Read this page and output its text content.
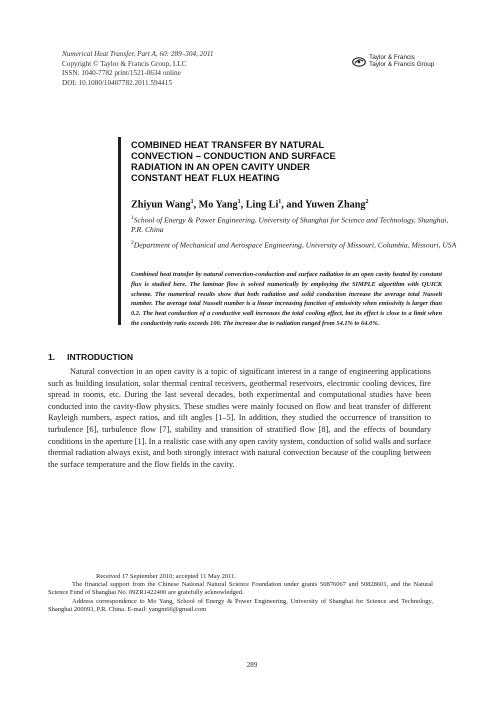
Numerical Heat Transfer, Part A, 60: 289–304, 2011
Copyright © Taylor & Francis Group, LLC
ISSN: 1040-7782 print/1521-0634 online
DOI: 10.1080/10407782.2011.594415
Taylor & Francis
Taylor & Francis Group
COMBINED HEAT TRANSFER BY NATURAL
CONVECTION – CONDUCTION AND SURFACE
RADIATION IN AN OPEN CAVITY UNDER
CONSTANT HEAT FLUX HEATING
Zhiyun Wang$^1$, Mo Yang$^1$, Ling Li$^1$, and Yuwen Zhang$^2$
$^1$School of Energy & Power Engineering, University of Shanghai for Science and Technology, Shanghai, P.R. China
$^2$Department of Mechanical and Aerospace Engineering, University of Missouri, Columbia, Missouri, USA

Combined heat transfer by natural convection-conduction and surface radiation in an open cavity heated by constant flux is studied here. The laminar flow is solved numerically by employing the SIMPLE algorithm with QUICK scheme. The numerical results show that both radiation and solid conduction increase the average total Nusselt number. The average total Nusselt number is a linear increasing function of emissivity when emissivity is larger than 0.2. The heat conduction of a conductive wall increases the total cooling effect, but its effect is close to a limit when the conductivity ratio exceeds 100. The increase due to radiation ranged from 54.1% to 64.0%.

1. INTRODUCTION

Natural convection in an open cavity is a topic of significant interest in a range of engineering applications such as building insulation, solar thermal central receivers, geothermal reservoirs, electronic cooling devices, fire spread in rooms, etc. During the last several decades, both experimental and computational studies have been conducted into the cavity-flow physics. These studies were mainly focused on flow and heat transfer of different Rayleigh numbers, aspect ratios, and tilt angles [1–5]. In addition, they studied the occurrence of transition to turbulence [6], turbulence flow [7], stability and transition of stratified flow [8], and the effects of boundary conditions in the aperture [1]. In a realistic case with any open cavity system, conduction of solid walls and surface thermal radiation always exist, and both strongly interact with natural convection because of the coupling between the surface temperature and the flow fields in the cavity.

Received 17 September 2010; accepted 11 May 2011.

The financial support from the Chinese National Natural Science Foundation under grants 50876067 and 50828601, and the Natural Science Fund of Shanghai No. 09ZR1422400 are gratefully acknowledged.

Address correspondence to Mo Yang, School of Energy & Power Engineering, University of Shanghai for Science and Technology, Shanghai 200093, P.R. China. E-mail: yangm66@gmail.com

289
